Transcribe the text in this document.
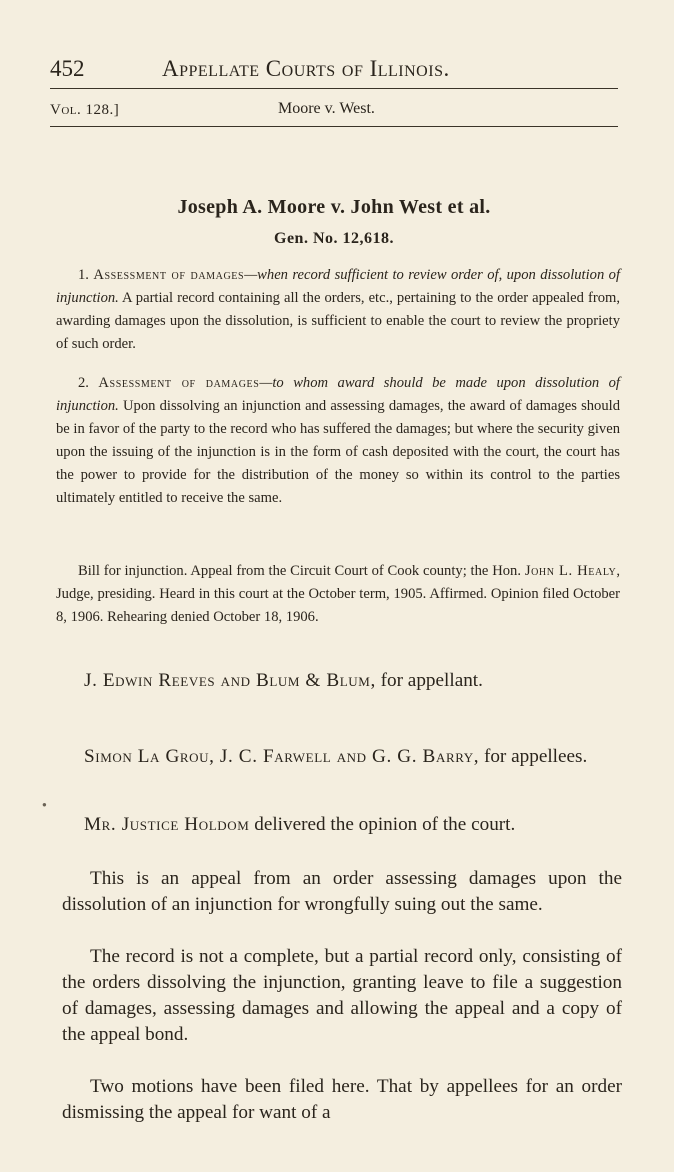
452	Appellate Courts of Illinois.
Vol. 128.]	Moore v. West.
Joseph A. Moore v. John West et al.
Gen. No. 12,618.
1. Assessment of damages—when record sufficient to review order of, upon dissolution of injunction. A partial record containing all the orders, etc., pertaining to the order appealed from, awarding damages upon the dissolution, is sufficient to enable the court to review the propriety of such order.
2. Assessment of damages—to whom award should be made upon dissolution of injunction. Upon dissolving an injunction and assessing damages, the award of damages should be in favor of the party to the record who has suffered the damages; but where the security given upon the issuing of the injunction is in the form of cash deposited with the court, the court has the power to provide for the distribution of the money so within its control to the parties ultimately entitled to receive the same.
Bill for injunction. Appeal from the Circuit Court of Cook county; the Hon. John L. Healy, Judge, presiding. Heard in this court at the October term, 1905. Affirmed. Opinion filed October 8, 1906. Rehearing denied October 18, 1906.
J. Edwin Reeves and Blum & Blum, for appellant.
Simon La Grou, J. C. Farwell and G. G. Barry, for appellees.
●
Mr. Justice Holdom delivered the opinion of the court.
This is an appeal from an order assessing damages upon the dissolution of an injunction for wrongfully suing out the same.
The record is not a complete, but a partial record only, consisting of the orders dissolving the injunction, granting leave to file a suggestion of damages, assessing damages and allowing the appeal and a copy of the appeal bond.
Two motions have been filed here. That by appellees for an order dismissing the appeal for want of a
